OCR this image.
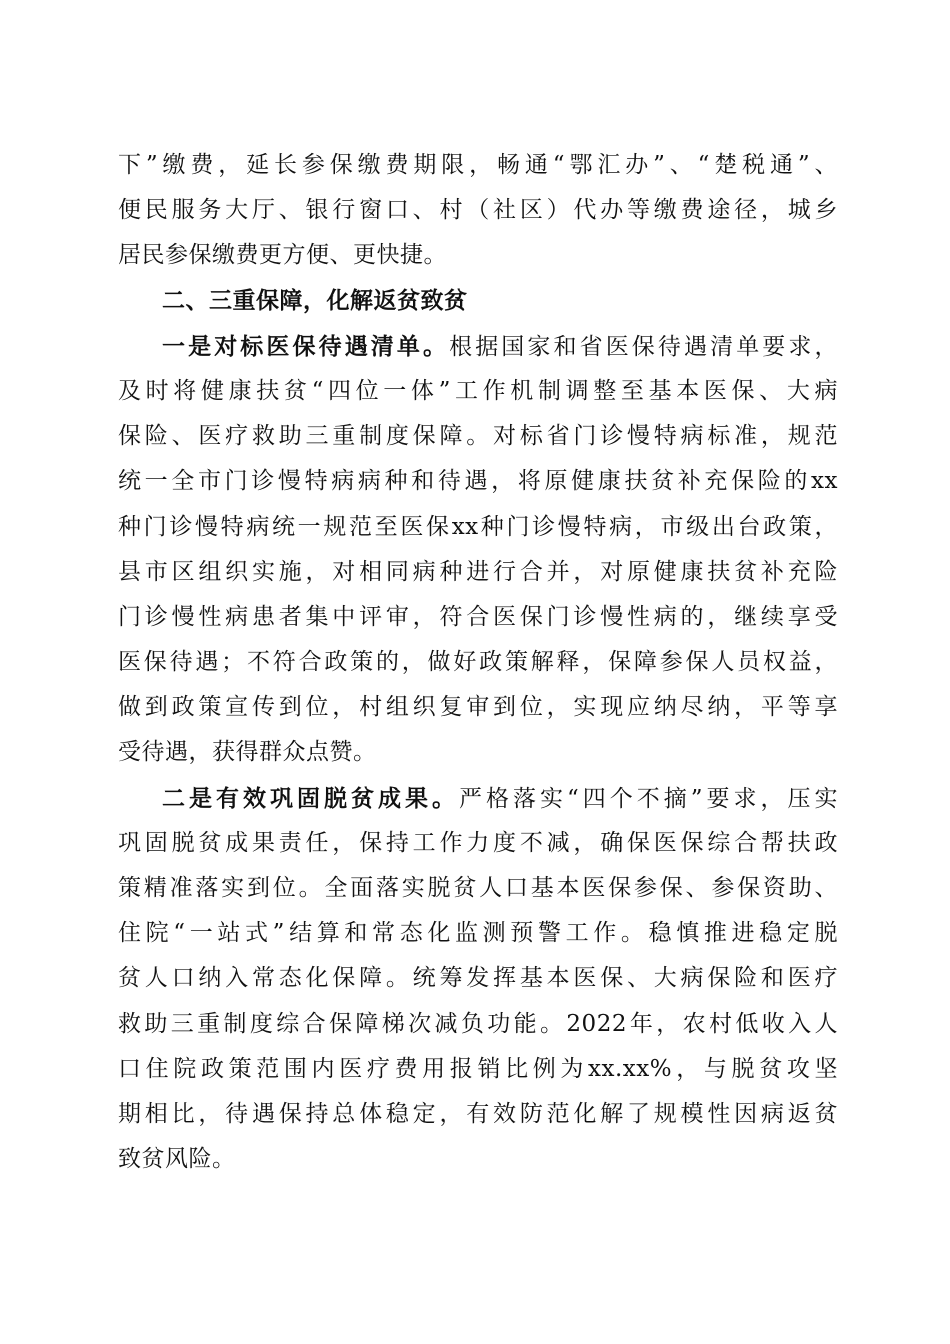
下”缴费，延长参保缴费期限，畅通“鄂汇办”、“楚税通”、
便民服务大厅、银行窗口、村（社区）代办等缴费途径，城乡
居民参保缴费更方便、更快捷。
二、三重保障，化解返贫致贫
一是对标医保待遇清单。根据国家和省医保待遇清单要求，
及时将健康扶贫“四位一体”工作机制调整至基本医保、大病
保险、医疗救助三重制度保障。对标省门诊慢特病标准，规范
统一全市门诊慢特病病种和待遇，将原健康扶贫补充保险的xx
种门诊慢特病统一规范至医保xx种门诊慢特病，市级出台政策，
县市区组织实施，对相同病种进行合并，对原健康扶贫补充险
门诊慢性病患者集中评审，符合医保门诊慢性病的，继续享受
医保待遇；不符合政策的，做好政策解释，保障参保人员权益，
做到政策宣传到位，村组织复审到位，实现应纳尽纳，平等享
受待遇，获得群众点赞。
二是有效巩固脱贫成果。严格落实“四个不摘”要求，压实
巩固脱贫成果责任，保持工作力度不减，确保医保综合帮扶政
策精准落实到位。全面落实脱贫人口基本医保参保、参保资助、
住院“一站式”结算和常态化监测预警工作。稳慎推进稳定脱
贫人口纳入常态化保障。统筹发挥基本医保、大病保险和医疗
救助三重制度综合保障梯次减负功能。2022年，农村低收入人
口住院政策范围内医疗费用报销比例为xx.xx%，与脱贫攻坚
期相比，待遇保持总体稳定，有效防范化解了规模性因病返贫
致贫风险。
